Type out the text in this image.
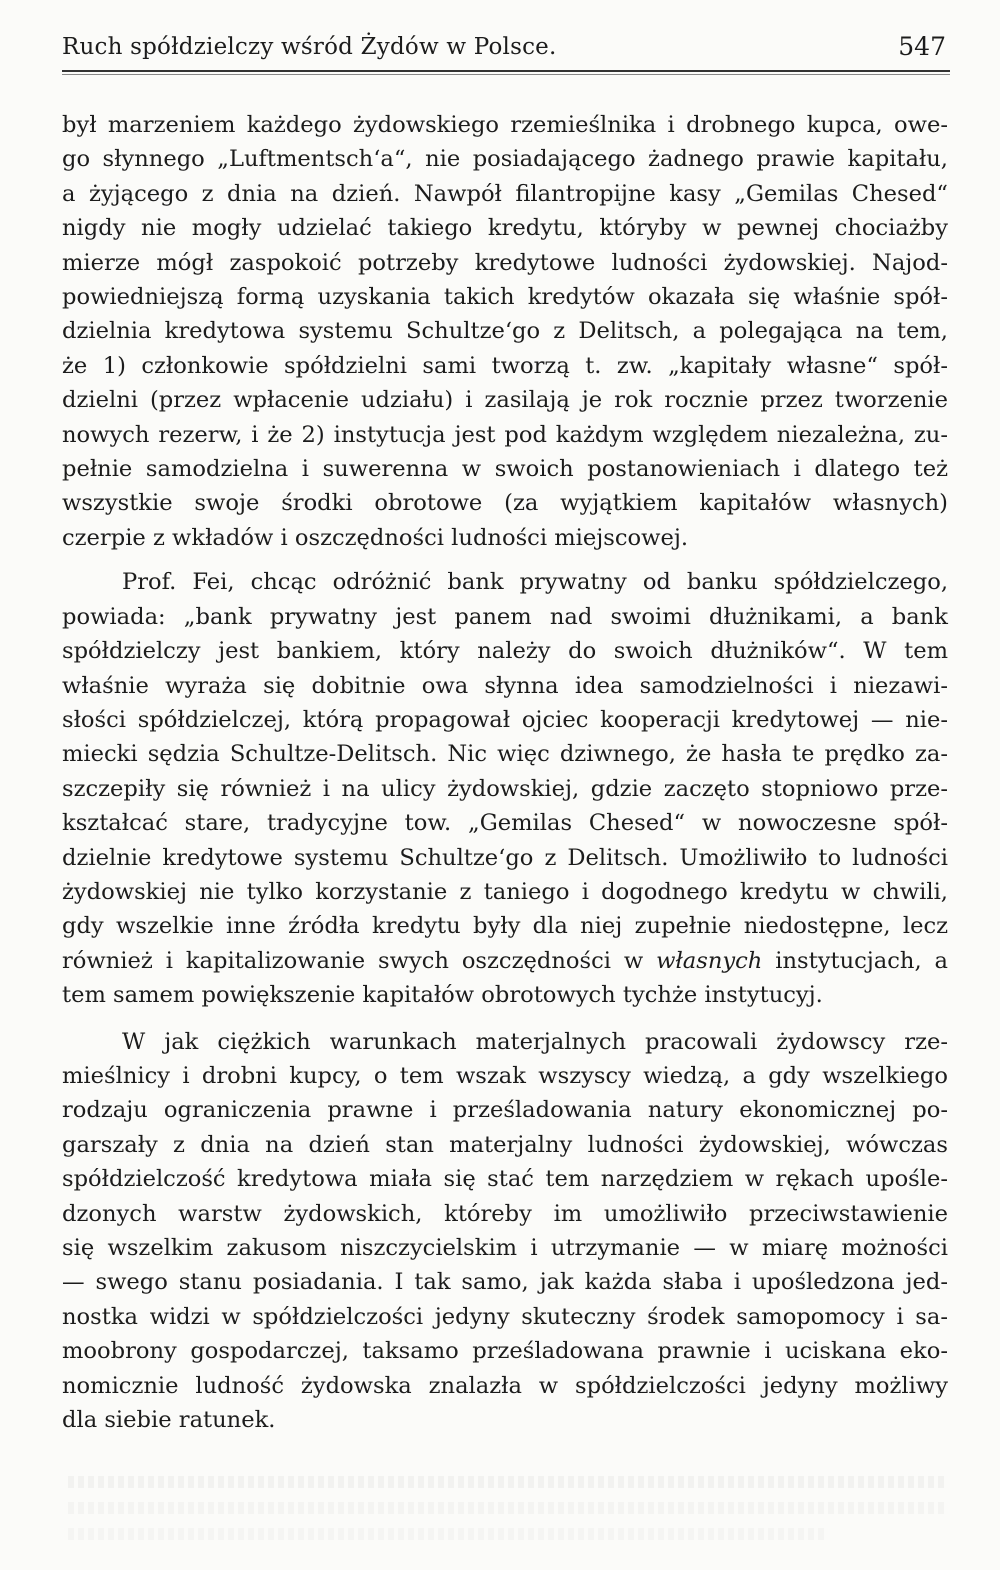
Ruch spółdzielczy wśród Żydów w Polsce.	547

był marzeniem każdego żydowskiego rzemieślnika i drobnego kupca, owe-
go słynnego „Luftmentsch‘a“, nie posiadającego żadnego prawie kapitału,
a żyjącego z dnia na dzień. Nawpół filantropijne kasy „Gemilas Chesed“
nigdy nie mogły udzielać takiego kredytu, któryby w pewnej chociażby
mierze mógł zaspokoić potrzeby kredytowe ludności żydowskiej. Najod-
powiedniejszą formą uzyskania takich kredytów okazała się właśnie spół-
dzielnia kredytowa systemu Schultze‘go z Delitsch, a polegająca na tem,
że 1) członkowie spółdzielni sami tworzą t. zw. „kapitały własne“ spół-
dzielni (przez wpłacenie udziału) i zasilają je rok rocznie przez tworzenie
nowych rezerw, i że 2) instytucja jest pod każdym względem niezależna, zu-
pełnie samodzielna i suwerenna w swoich postanowieniach i dlatego też
wszystkie swoje środki obrotowe (za wyjątkiem kapitałów własnych)
czerpie z wkładów i oszczędności ludności miejscowej.

Prof. Fei, chcąc odróżnić bank prywatny od banku spółdzielczego,
powiada: „bank prywatny jest panem nad swoimi dłużnikami, a bank
spółdzielczy jest bankiem, który należy do swoich dłużników“. W tem
właśnie wyraża się dobitnie owa słynna idea samodzielności i niezawi-
słości spółdzielczej, którą propagował ojciec kooperacji kredytowej — nie-
miecki sędzia Schultze-Delitsch. Nic więc dziwnego, że hasła te prędko za-
szczepiły się również i na ulicy żydowskiej, gdzie zaczęto stopniowo prze-
kształcać stare, tradycyjne tow. „Gemilas Chesed“ w nowoczesne spół-
dzielnie kredytowe systemu Schultze‘go z Delitsch. Umożliwiło to ludności
żydowskiej nie tylko korzystanie z taniego i dogodnego kredytu w chwili,
gdy wszelkie inne źródła kredytu były dla niej zupełnie niedostępne, lecz
również i kapitalizowanie swych oszczędności w własnych instytucjach, a
tem samem powiększenie kapitałów obrotowych tychże instytucyj.

W jak ciężkich warunkach materjalnych pracowali żydowscy rze-
mieślnicy i drobni kupcy, o tem wszak wszyscy wiedzą, a gdy wszelkiego
rodzaju ograniczenia prawne i prześladowania natury ekonomicznej po-
garszały z dnia na dzień stan materjalny ludności żydowskiej, wówczas
spółdzielczość kredytowa miała się stać tem narzędziem w rękach upośle-
dzonych warstw żydowskich, któreby im umożliwiło przeciwstawienie
się wszelkim zakusom niszczycielskim i utrzymanie — w miarę możności
— swego stanu posiadania. I tak samo, jak każda słaba i upośledzona jed-
nostka widzi w spółdzielczości jedyny skuteczny środek samopomocy i sa-
moobrony gospodarczej, taksamo prześladowana prawnie i uciskana eko-
nomicznie ludność żydowska znalazła w spółdzielczości jedyny możliwy
dla siebie ratunek.
